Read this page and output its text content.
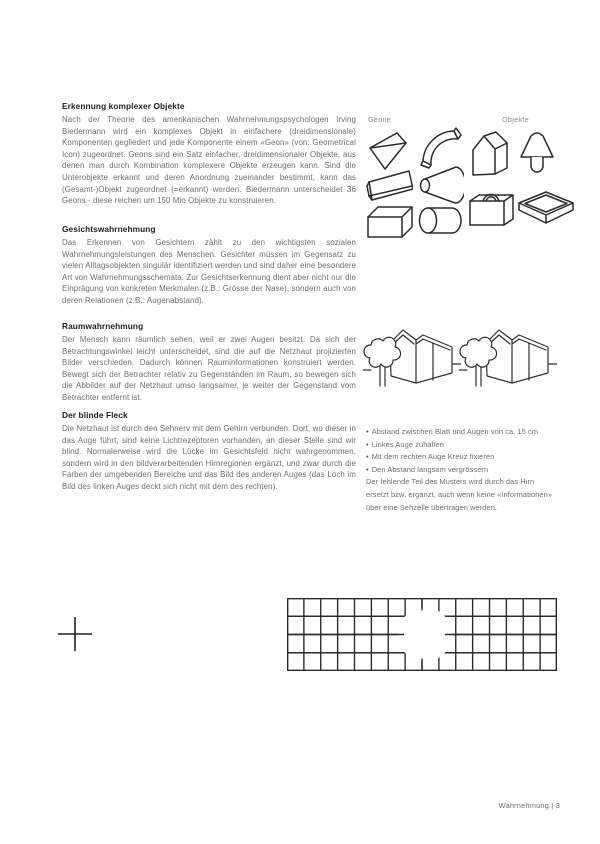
Erkennung komplexer Objekte

Nach der Theorie des amerikanischen Wahrnehmungspsychologen Irving Biedermann wird ein komplexes Objekt in einfachere (dreidimensionale) Komponenten gegliedert und jede Komponente einem «Geon» (von: Geometrical Icon) zugeordnet. Geons sind ein Satz einfacher, dreidimensionaler Objekte, aus denen man durch Kombination komplexere Objekte erzeugen kann. Sind die Unterobjekte erkannt und deren Anordnung zueinander bestimmt, kann das (Gesamt-)Objekt zugeordnet (=erkannt) werden. Biedermann unterscheidet 36 Geons - diese reichen um 150 Mio Objekte zu konstruieren.

Gesichtswahrnehmung

Das Erkennen von Gesichtern zählt zu den wichtigsten sozialen Wahrnehmungsleistungen des Menschen. Gesichter müssen im Gegensatz zu vielen Alltagsobjekten singulär identifiziert werden und sind daher eine besondere Art von Wahrnehmungsschemata. Zur Gesichtserkennung dient aber nicht nur die Einprägung von konkreten Merkmalen (z.B.: Grösse der Nase), sondern auch von deren Relationen (z.B.: Augenabstand).

Raumwahrnehmung

Der Mensch kann räumlich sehen, weil er zwei Augen besitzt. Da sich der Betrachtungswinkel leicht unterscheidet, sind die auf die Netzhaut projizierten Bilder verschieden. Dadurch können Rauminformationen konstruiert werden. Bewegt sich der Betrachter relativ zu Gegenständen im Raum, so bewegen sich die Abbilder auf der Netzhaut umso langsamer, je weiter der Gegenstand vom Betrachter entfernt ist.

Der blinde Fleck

Die Netzhaut ist durch den Sehnerv mit dem Gehirn verbunden. Dort, wo dieser in das Auge führt, sind keine Lichtrezeptoren vorhanden, an dieser Stelle sind wir blind. Normalerweise wird die Lücke im Gesichtsfeld nicht wahrgenommen, sondern wird in den bildverarbeitenden Hirnregionen ergänzt, und zwar durch die Farben der umgebenden Bereiche und das Bild des anderen Auges (das Loch im Bild des linken Auges deckt sich nicht mit dem des rechten).

Geone	Objekte
• Abstand zwischen Blatt und Augen von ca. 15 cm
• Linkes Auge zuhalten
• Mit dem rechten Auge Kreuz fixieren
• Den Abstand langsam vergrössern
Der fehlende Teil des Musters wird durch das Hirn
ersetzt bzw. ergänzt, auch wenn keine «Informationen»
über eine Sehzelle übertragen werden.
Wahrnehmung | 3
